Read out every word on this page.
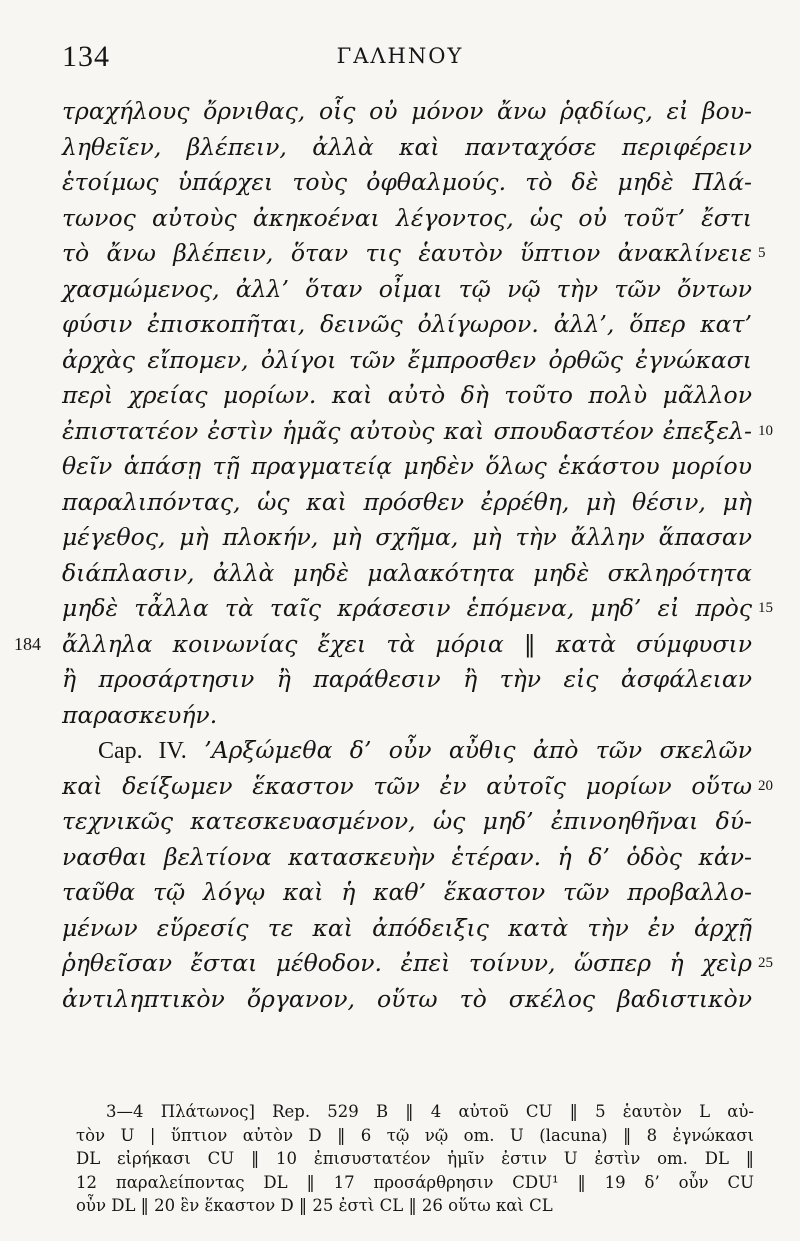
134	ΓΑΛΗΝΟΥ
τραχήλους ὄρνιθας, οἷς οὐ μόνον ἄνω ῥᾳδίως, εἰ βου-
ληθεῖεν, βλέπειν, ἀλλὰ καὶ πανταχόσε περιφέρειν
ἑτοίμως ὑπάρχει τοὺς ὀφθαλμούς. τὸ δὲ μηδὲ Πλά-
τωνος αὐτοὺς ἀκηκοέναι λέγοντος, ὡς οὐ τοῦτ’ ἔστι
τὸ ἄνω βλέπειν, ὅταν τις ἑαυτὸν ὕπτιον ἀνακλίνειε 5
χασμώμενος, ἀλλ’ ὅταν οἶμαι τῷ νῷ τὴν τῶν ὄντων
φύσιν ἐπισκοπῆται, δεινῶς ὀλίγωρον. ἀλλ’, ὅπερ κατ’
ἀρχὰς εἴπομεν, ὀλίγοι τῶν ἔμπροσθεν ὀρθῶς ἐγνώκασι
περὶ χρείας μορίων. καὶ αὐτὸ δὴ τοῦτο πολὺ μᾶλλον
ἐπιστατέον ἐστὶν ἡμᾶς αὐτοὺς καὶ σπουδαστέον ἐπεξελ- 10
θεῖν ἁπάσῃ τῇ πραγματείᾳ μηδὲν ὅλως ἑκάστου μορίου
παραλιπόντας, ὡς καὶ πρόσθεν ἐρρέθη, μὴ θέσιν, μὴ
μέγεθος, μὴ πλοκήν, μὴ σχῆμα, μὴ τὴν ἄλλην ἅπασαν
διάπλασιν, ἀλλὰ μηδὲ μαλακότητα μηδὲ σκληρότητα
μηδὲ τἆλλα τὰ ταῖς κράσεσιν ἑπόμενα, μηδ’ εἰ πρὸς 15
184 ἄλληλα κοινωνίας ἔχει τὰ μόρια ‖ κατὰ σύμφυσιν
ἢ προσάρτησιν ἢ παράθεσιν ἢ τὴν εἰς ἀσφάλειαν
παρασκευήν.
Cap. IV. ’Αρξώμεθα δ’ οὖν αὖθις ἀπὸ τῶν σκελῶν
καὶ δείξωμεν ἕκαστον τῶν ἐν αὐτοῖς μορίων οὕτω 20
τεχνικῶς κατεσκευασμένον, ὡς μηδ’ ἐπινοηθῆναι δύ-
νασθαι βελτίονα κατασκευὴν ἑτέραν. ἡ δ’ ὁδὸς κἀν-
ταῦθα τῷ λόγῳ καὶ ἡ καθ’ ἕκαστον τῶν προβαλλο-
μένων εὕρεσίς τε καὶ ἀπόδειξις κατὰ τὴν ἐν ἀρχῇ
ῥηθεῖσαν ἔσται μέθοδον. ἐπεὶ τοίνυν, ὥσπερ ἡ χεὶρ 25
ἀντιληπτικὸν ὄργανον, οὕτω τὸ σκέλος βαδιστικὸν
3—4 Πλάτωνος] Rep. 529 B ‖ 4 αὐτοῦ CU ‖ 5 ἑαυτὸν L αὐ-
τὸν U | ὕπτιον αὐτὸν D ‖ 6 τῷ νῷ om. U (lacuna) ‖ 8 ἐγνώκασι
DL εἰρήκασι CU ‖ 10 ἐπισυστατέον ἡμῖν ἐστιν U ἐστὶν om. DL ‖
12 παραλείποντας DL ‖ 17 προσάρθρησιν CDU¹ ‖ 19 δ’ οὖν CU
οὖν DL ‖ 20 ἓν ἕκαστον D ‖ 25 ἐστὶ CL ‖ 26 οὕτω καὶ CL
